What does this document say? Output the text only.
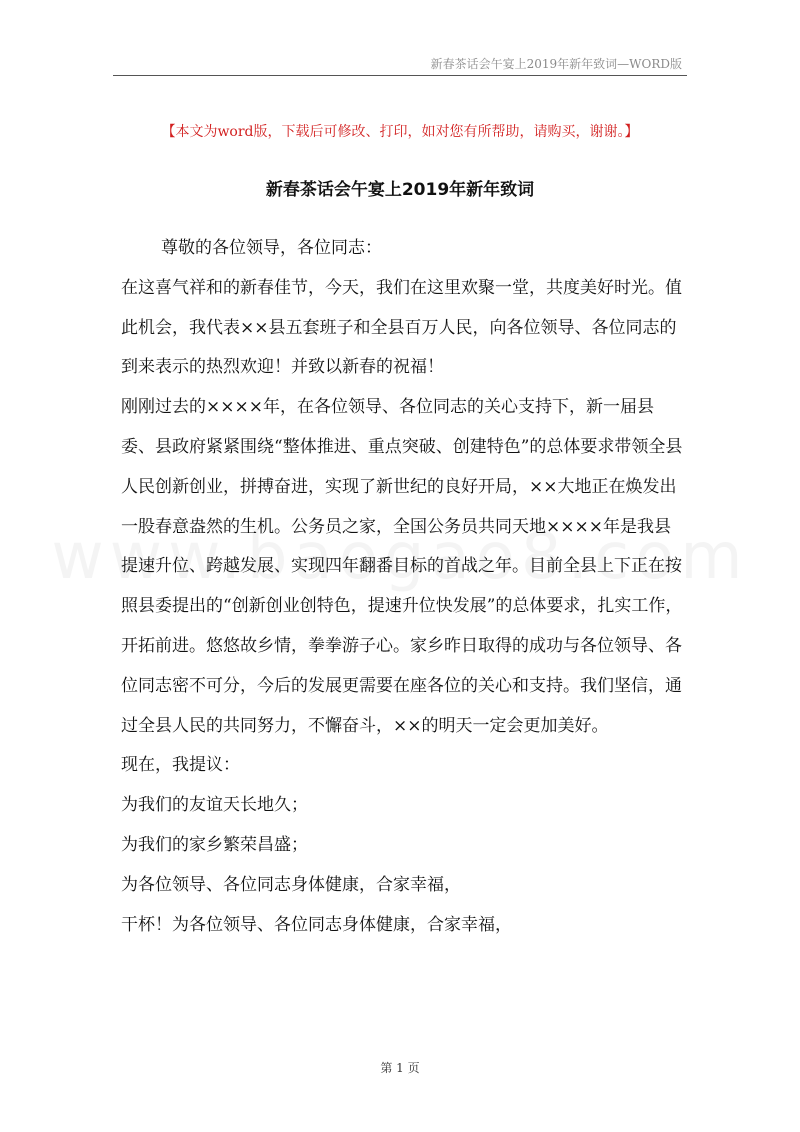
新春茶话会午宴上2019年新年致词—WORD版
【本文为word版，下载后可修改、打印，如对您有所帮助，请购买，谢谢。】
新春茶话会午宴上2019年新年致词

尊敬的各位领导，各位同志：

在这喜气祥和的新春佳节，今天，我们在这里欢聚一堂，共度美好时光。值此机会，我代表××县五套班子和全县百万人民，向各位领导、各位同志的到来表示的热烈欢迎！并致以新春的祝福！

刚刚过去的××××年，在各位领导、各位同志的关心支持下，新一届县委、县政府紧紧围绕“整体推进、重点突破、创建特色”的总体要求带领全县人民创新创业，拼搏奋进，实现了新世纪的良好开局，××大地正在焕发出一股春意盎然的生机。公务员之家，全国公务员共同天地××××年是我县提速升位、跨越发展、实现四年翻番目标的首战之年。目前全县上下正在按照县委提出的“创新创业创特色，提速升位快发展”的总体要求，扎实工作，开拓前进。悠悠故乡情，拳拳游子心。家乡昨日取得的成功与各位领导、各位同志密不可分，今后的发展更需要在座各位的关心和支持。我们坚信，通过全县人民的共同努力，不懈奋斗，××的明天一定会更加美好。

现在，我提议：

为我们的友谊天长地久；

为我们的家乡繁荣昌盛；

为各位领导、各位同志身体健康，合家幸福，

干杯！为各位领导、各位同志身体健康，合家幸福，

第 1 页
